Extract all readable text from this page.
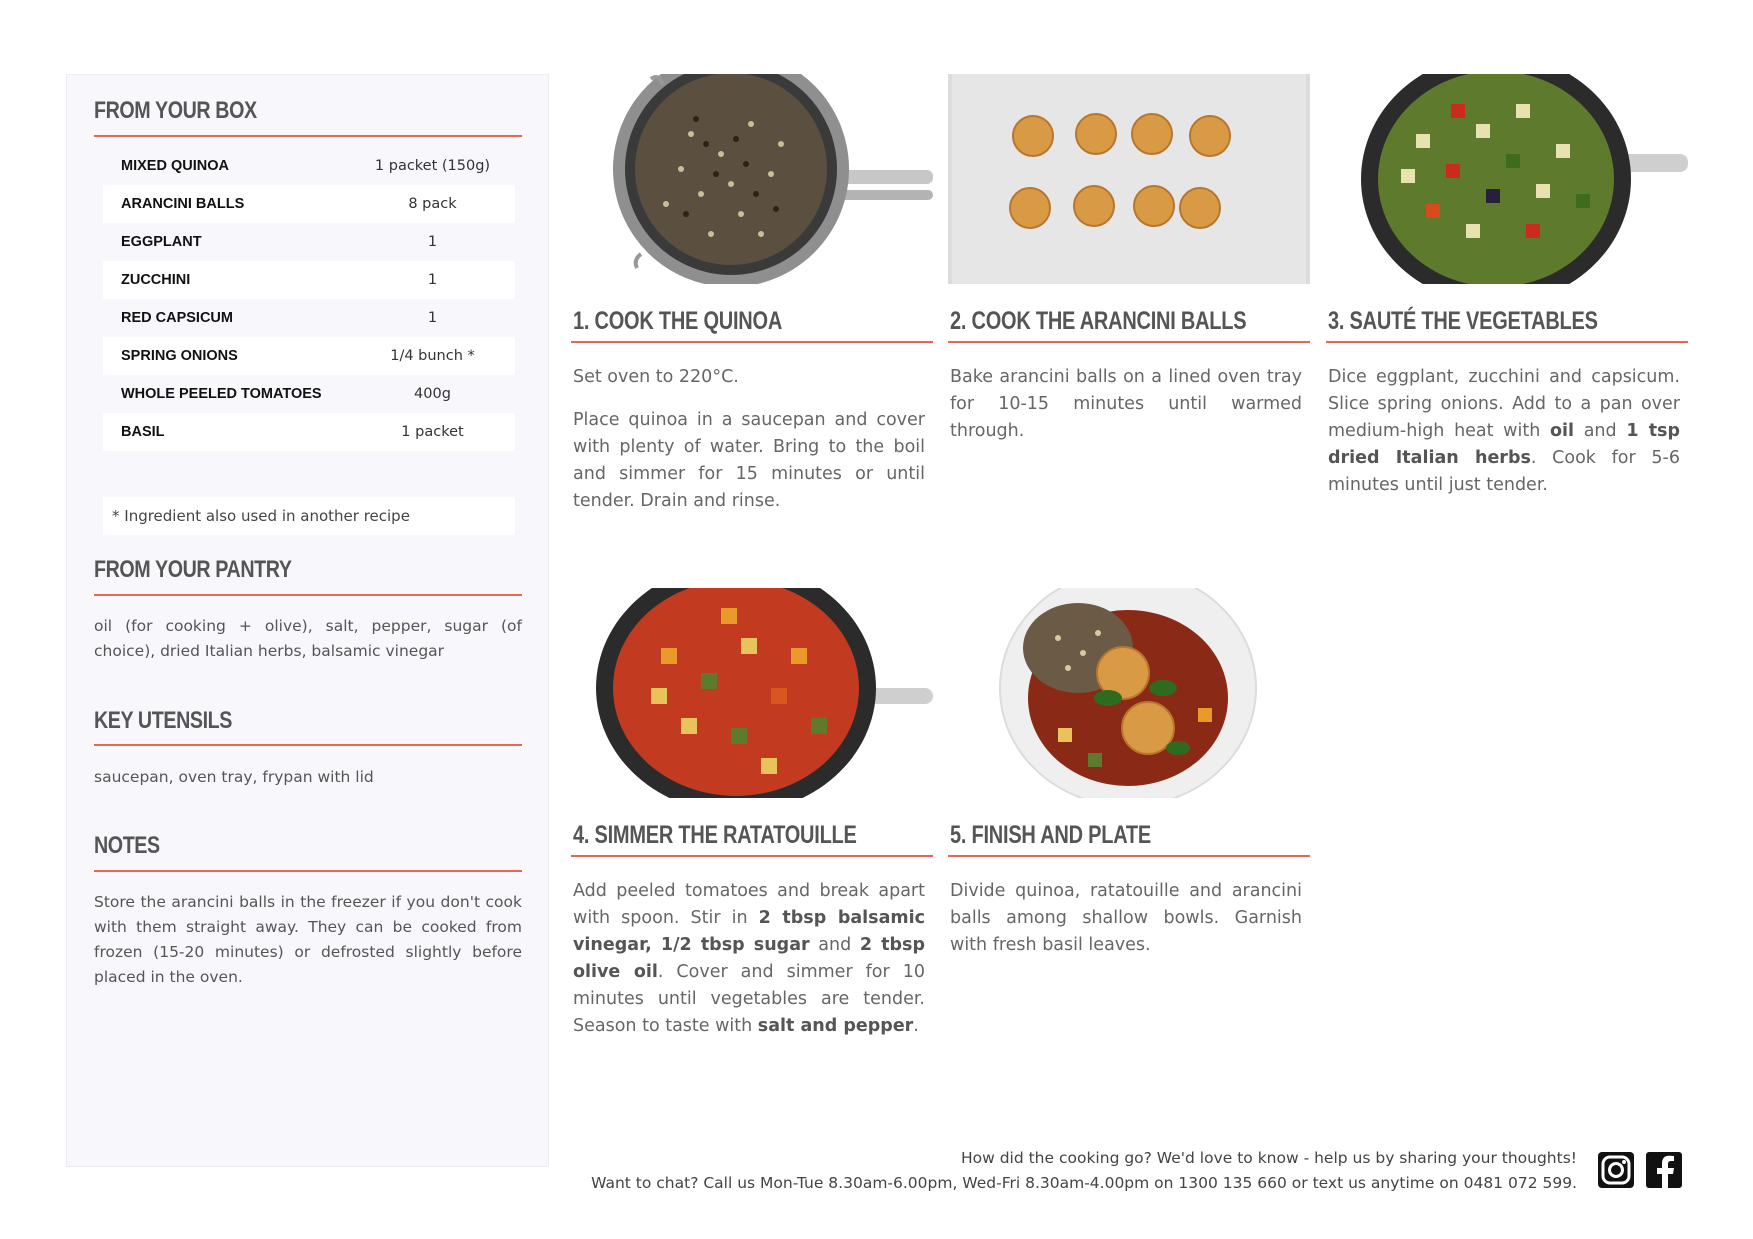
FROM YOUR BOX
MIXED QUINOA	1 packet (150g)
ARANCINI BALLS	8 pack
EGGPLANT	1
ZUCCHINI	1
RED CAPSICUM	1
SPRING ONIONS	1/4 bunch *
WHOLE PEELED TOMATOES	400g
BASIL	1 packet
* Ingredient also used in another recipe
FROM YOUR PANTRY
oil (for cooking + olive), salt, pepper, sugar (of choice), dried Italian herbs, balsamic vinegar
KEY UTENSILS
saucepan, oven tray, frypan with lid
NOTES
Store the arancini balls in the freezer if you don't cook with them straight away. They can be cooked from frozen (15-20 minutes) or defrosted slightly before placed in the oven.
1. COOK THE QUINOA

Set oven to 220°C.

Place quinoa in a saucepan and cover with plenty of water. Bring to the boil and simmer for 15 minutes or until tender. Drain and rinse.

2. COOK THE ARANCINI BALLS

Bake arancini balls on a lined oven tray for 10-15 minutes until warmed through.

3. SAUTÉ THE VEGETABLES

Dice eggplant, zucchini and capsicum. Slice spring onions. Add to a pan over medium-high heat with oil and 1 tsp dried Italian herbs. Cook for 5-6 minutes until just tender.

4. SIMMER THE RATATOUILLE

Add peeled tomatoes and break apart with spoon. Stir in 2 tbsp balsamic vinegar, 1/2 tbsp sugar and 2 tbsp olive oil. Cover and simmer for 10 minutes until vegetables are tender. Season to taste with salt and pepper.

5. FINISH AND PLATE

Divide quinoa, ratatouille and arancini balls among shallow bowls. Garnish with fresh basil leaves.

How did the cooking go? We'd love to know - help us by sharing your thoughts!
Want to chat? Call us Mon-Tue 8.30am-6.00pm, Wed-Fri 8.30am-4.00pm on 1300 135 660 or text us anytime on 0481 072 599.
